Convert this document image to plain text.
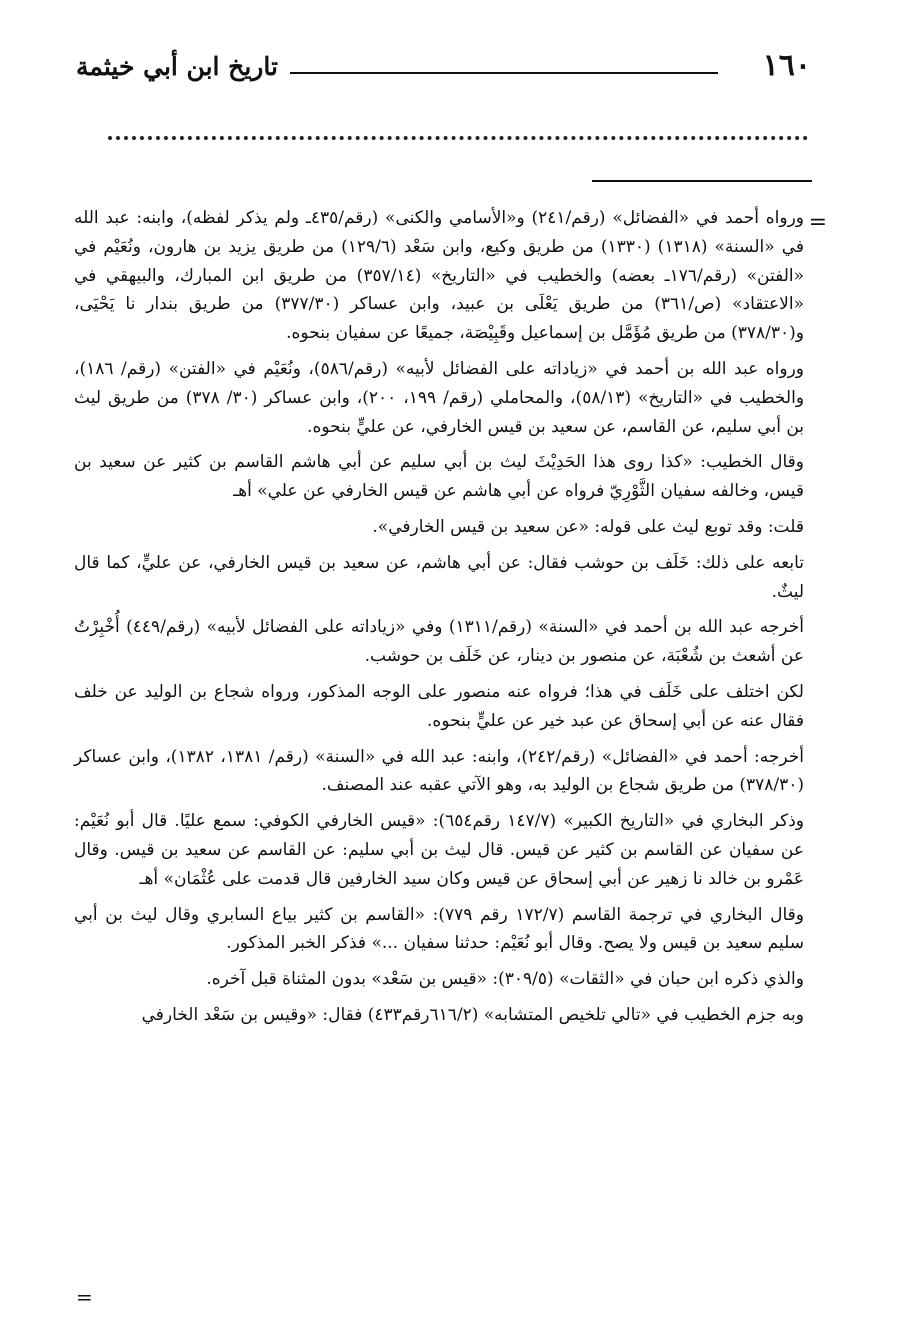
١٦٠
تاريخ ابن أبي خيثمة
=

ورواه أحمد في «الفضائل» (رقم/٢٤١) و«الأسامي والكنى» (رقم/٤٣٥ـ ولم يذكر لفظه)، وابنه: عبد الله في «السنة» (١٣١٨) (١٣٣٠) من طريق وكيع، وابن سَعْد (١٢٩/٦) من طريق يزيد بن هارون، ونُعَيْم في «الفتن» (رقم/١٧٦ـ بعضه) والخطيب في «التاريخ» (٣٥٧/١٤) من طريق ابن المبارك، والبيهقي في «الاعتقاد» (ص/٣٦١) من طريق يَعْلَى بن عبيد، وابن عساكر (٣٧٧/٣٠) من طريق بندار نا يَحْيَى، و(٣٧٨/٣٠) من طريق مُؤَمَّل بن إسماعيل وقَبِيْصَة، جميعًا عن سفيان بنحوه.

ورواه عبد الله بن أحمد في «زياداته على الفضائل لأبيه» (رقم/٥٨٦)، ونُعَيْم في «الفتن» (رقم/ ١٨٦)، والخطيب في «التاريخ» (٥٨/١٣)، والمحاملي (رقم/ ١٩٩، ٢٠٠)، وابن عساكر (٣٠/ ٣٧٨) من طريق ليث بن أبي سليم، عن القاسم، عن سعيد بن قيس الخارفي، عن عليٍّ بنحوه.

وقال الخطيب: «كذا روى هذا الحَدِيْثَ ليث بن أبي سليم عن أبي هاشم القاسم بن كثير عن سعيد بن قيس، وخالفه سفيان الثَّوْرِيّ فرواه عن أبي هاشم عن قيس الخارفي عن علي» أهـ

قلت: وقد توبع ليث على قوله: «عن سعيد بن قيس الخارفي».

تابعه على ذلك: خَلَف بن حوشب فقال: عن أبي هاشم، عن سعيد بن قيس الخارفي، عن عليٍّ، كما قال ليثٌ.

أخرجه عبد الله بن أحمد في «السنة» (رقم/١٣١١) وفي «زياداته على الفضائل لأبيه» (رقم/٤٤٩) أُخْبِرْتُ عن أشعث بن شُعْبَة، عن منصور بن دينار، عن خَلَف بن حوشب.

لكن اختلف على خَلَف في هذا؛ فرواه عنه منصور على الوجه المذكور، ورواه شجاع بن الوليد عن خلف فقال عنه عن أبي إسحاق عن عبد خير عن عليٍّ بنحوه.

أخرجه: أحمد في «الفضائل» (رقم/٢٤٢)، وابنه: عبد الله في «السنة» (رقم/ ١٣٨١، ١٣٨٢)، وابن عساكر (٣٧٨/٣٠) من طريق شجاع بن الوليد به، وهو الآتي عقبه عند المصنف.

وذكر البخاري في «التاريخ الكبير» (١٤٧/٧ رقم٦٥٤): «قيس الخارفي الكوفي: سمع عليًا. قال أبو نُعَيْم: عن سفيان عن القاسم بن كثير عن قيس. قال ليث بن أبي سليم: عن القاسم عن سعيد بن قيس. وقال عَمْرو بن خالد نا زهير عن أبي إسحاق عن قيس وكان سيد الخارفين قال قدمت على عُثْمَان» أهـ

وقال البخاري في ترجمة القاسم (١٧٢/٧ رقم ٧٧٩): «القاسم بن كثير بياع السابري وقال ليث بن أبي سليم سعيد بن قيس ولا يصح. وقال أبو نُعَيْم: حدثنا سفيان ...» فذكر الخبر المذكور.

والذي ذكره ابن حبان في «الثقات» (٣٠٩/٥): «قيس بن سَعْد» بدون المثناة قبل آخره.

وبه جزم الخطيب في «تالي تلخيص المتشابه» (٦١٦/٢رقم٤٣٣) فقال: «وقيس بن سَعْد الخارفي

=
